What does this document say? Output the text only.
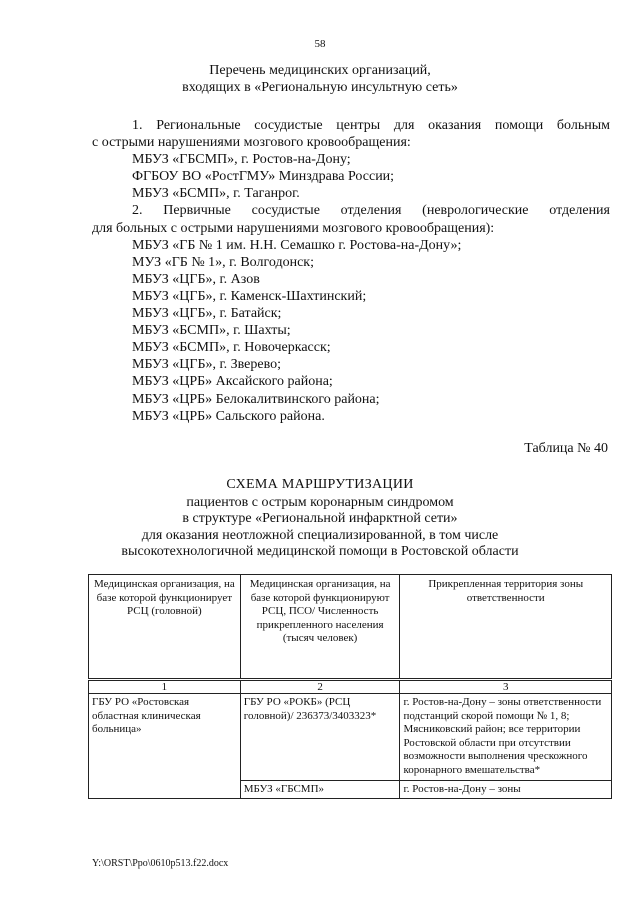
58
Перечень медицинских организаций,
входящих в «Региональную инсультную сеть»
1. Региональные сосудистые центры для оказания помощи больным
с острыми нарушениями мозгового кровообращения:
МБУЗ «ГБСМП», г. Ростов-на-Дону;
ФГБОУ ВО «РостГМУ» Минздрава России;
МБУЗ «БСМП», г. Таганрог.
2. Первичные сосудистые отделения (неврологические отделения
для больных с острыми нарушениями мозгового кровообращения):
МБУЗ «ГБ № 1 им. Н.Н. Семашко г. Ростова-на-Дону»;
МУЗ «ГБ № 1», г. Волгодонск;
МБУЗ «ЦГБ», г. Азов
МБУЗ «ЦГБ», г. Каменск-Шахтинский;
МБУЗ «ЦГБ», г. Батайск;
МБУЗ «БСМП», г. Шахты;
МБУЗ «БСМП», г. Новочеркасск;
МБУЗ «ЦГБ», г. Зверево;
МБУЗ «ЦРБ» Аксайского района;
МБУЗ «ЦРБ» Белокалитвинского района;
МБУЗ «ЦРБ» Сальского района.
Таблица № 40
СХЕМА МАРШРУТИЗАЦИИ
пациентов с острым коронарным синдромом
в структуре «Региональной инфарктной сети»
для оказания неотложной специализированной, в том числе
высокотехнологичной медицинской помощи в Ростовской области
Медицинская организация, на базе которой функционирует РСЦ (головной)	Медицинская организация, на базе которой функционируют РСЦ, ПСО/ Численность прикрепленного населения (тысяч человек)	Прикрепленная территория зоны ответственности
1	2	3
ГБУ РО «Ростовская областная клиническая больница»	ГБУ РО «РОКБ» (РСЦ головной)/ 236373/3403323*	г. Ростов-на-Дону – зоны ответственности подстанций скорой помощи № 1, 8; Мясниковский район; все территории Ростовской области при отсутствии возможности выполнения чрескожного коронарного вмешательства*
	МБУЗ «ГБСМП»	г. Ростов-на-Дону – зоны
Y:\ORST\Ppo\0610p513.f22.docx
